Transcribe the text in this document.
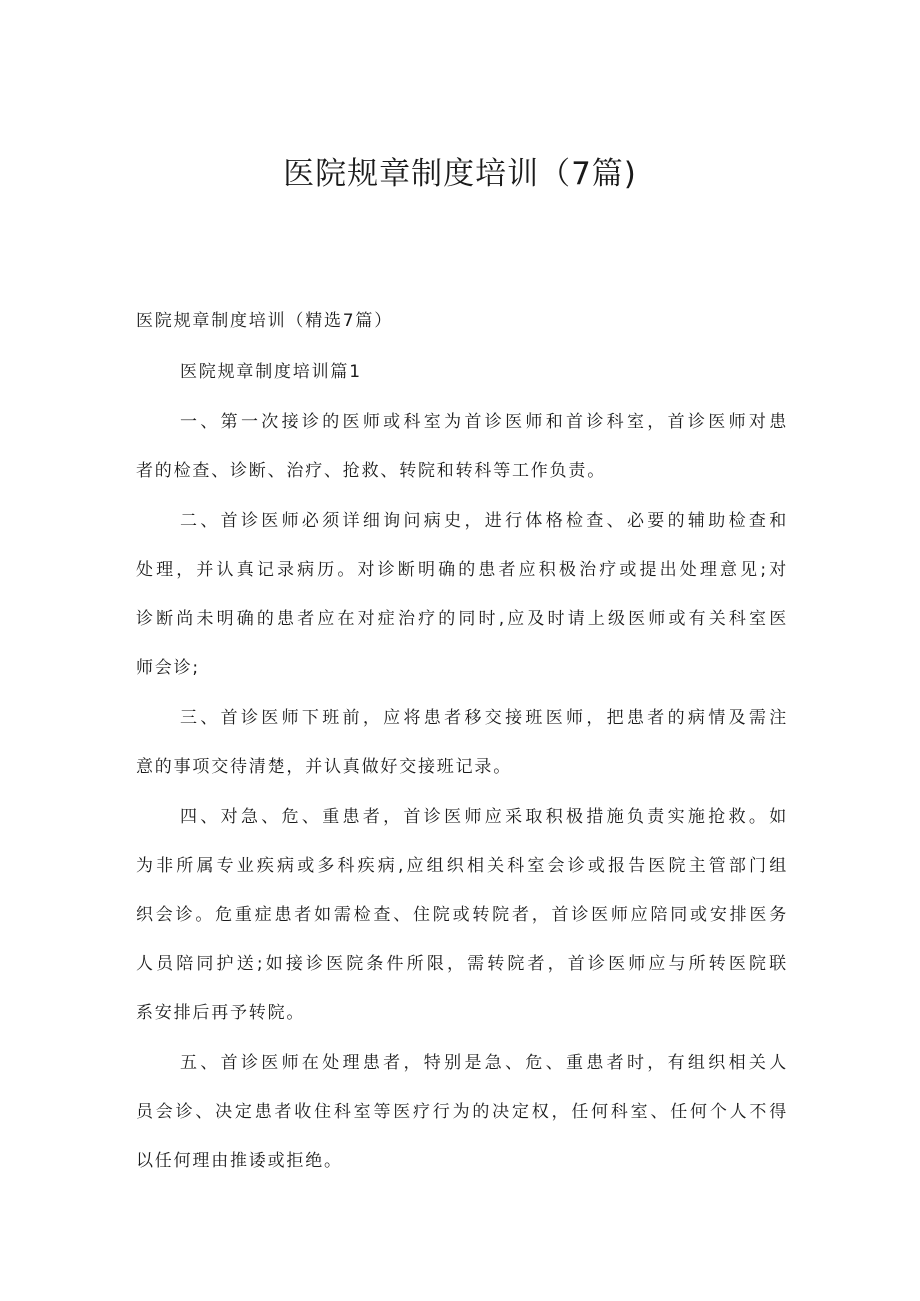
医院规章制度培训（7篇)
医院规章制度培训（精选7篇）
医院规章制度培训篇1
一、第一次接诊的医师或科室为首诊医师和首诊科室，首诊医师对患
者的检查、诊断、治疗、抢救、转院和转科等工作负责。
二、首诊医师必须详细询问病史，进行体格检查、必要的辅助检查和
处理，并认真记录病历。对诊断明确的患者应积极治疗或提出处理意见;对
诊断尚未明确的患者应在对症治疗的同时,应及时请上级医师或有关科室医
师会诊;
三、首诊医师下班前，应将患者移交接班医师，把患者的病情及需注
意的事项交待清楚，并认真做好交接班记录。
四、对急、危、重患者，首诊医师应采取积极措施负责实施抢救。如
为非所属专业疾病或多科疾病,应组织相关科室会诊或报告医院主管部门组
织会诊。危重症患者如需检查、住院或转院者，首诊医师应陪同或安排医务
人员陪同护送;如接诊医院条件所限，需转院者，首诊医师应与所转医院联
系安排后再予转院。
五、首诊医师在处理患者，特别是急、危、重患者时，有组织相关人
员会诊、决定患者收住科室等医疗行为的决定权，任何科室、任何个人不得
以任何理由推诿或拒绝。
